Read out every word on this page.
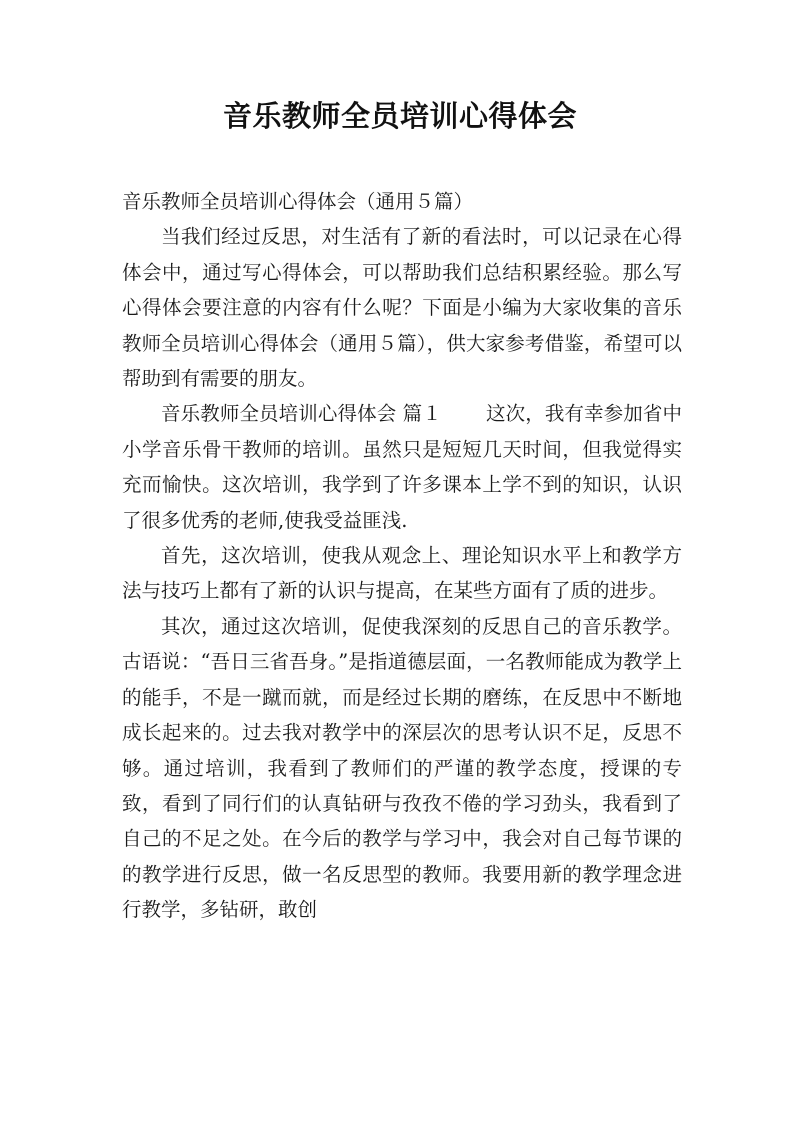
音乐教师全员培训心得体会

音乐教师全员培训心得体会（通用５篇）

当我们经过反思，对生活有了新的看法时，可以记录在心得体会中，通过写心得体会，可以帮助我们总结积累经验。那么写心得体会要注意的内容有什么呢？下面是小编为大家收集的音乐教师全员培训心得体会（通用５篇），供大家参考借鉴，希望可以帮助到有需要的朋友。

音乐教师全员培训心得体会 篇１ 这次，我有幸参加省中小学音乐骨干教师的培训。虽然只是短短几天时间，但我觉得实充而愉快。这次培训，我学到了许多课本上学不到的知识，认识了很多优秀的老师,使我受益匪浅.

首先，这次培训，使我从观念上、理论知识水平上和教学方法与技巧上都有了新的认识与提高，在某些方面有了质的进步。

其次，通过这次培训，促使我深刻的反思自己的音乐教学。古语说：“吾日三省吾身。”是指道德层面，一名教师能成为教学上的能手，不是一蹴而就，而是经过长期的磨练，在反思中不断地成长起来的。过去我对教学中的深层次的思考认识不足，反思不够。通过培训，我看到了教师们的严谨的教学态度，授课的专致，看到了同行们的认真钻研与孜孜不倦的学习劲头，我看到了自己的不足之处。在今后的教学与学习中，我会对自己每节课的的教学进行反思，做一名反思型的教师。我要用新的教学理念进行教学，多钻研，敢创
